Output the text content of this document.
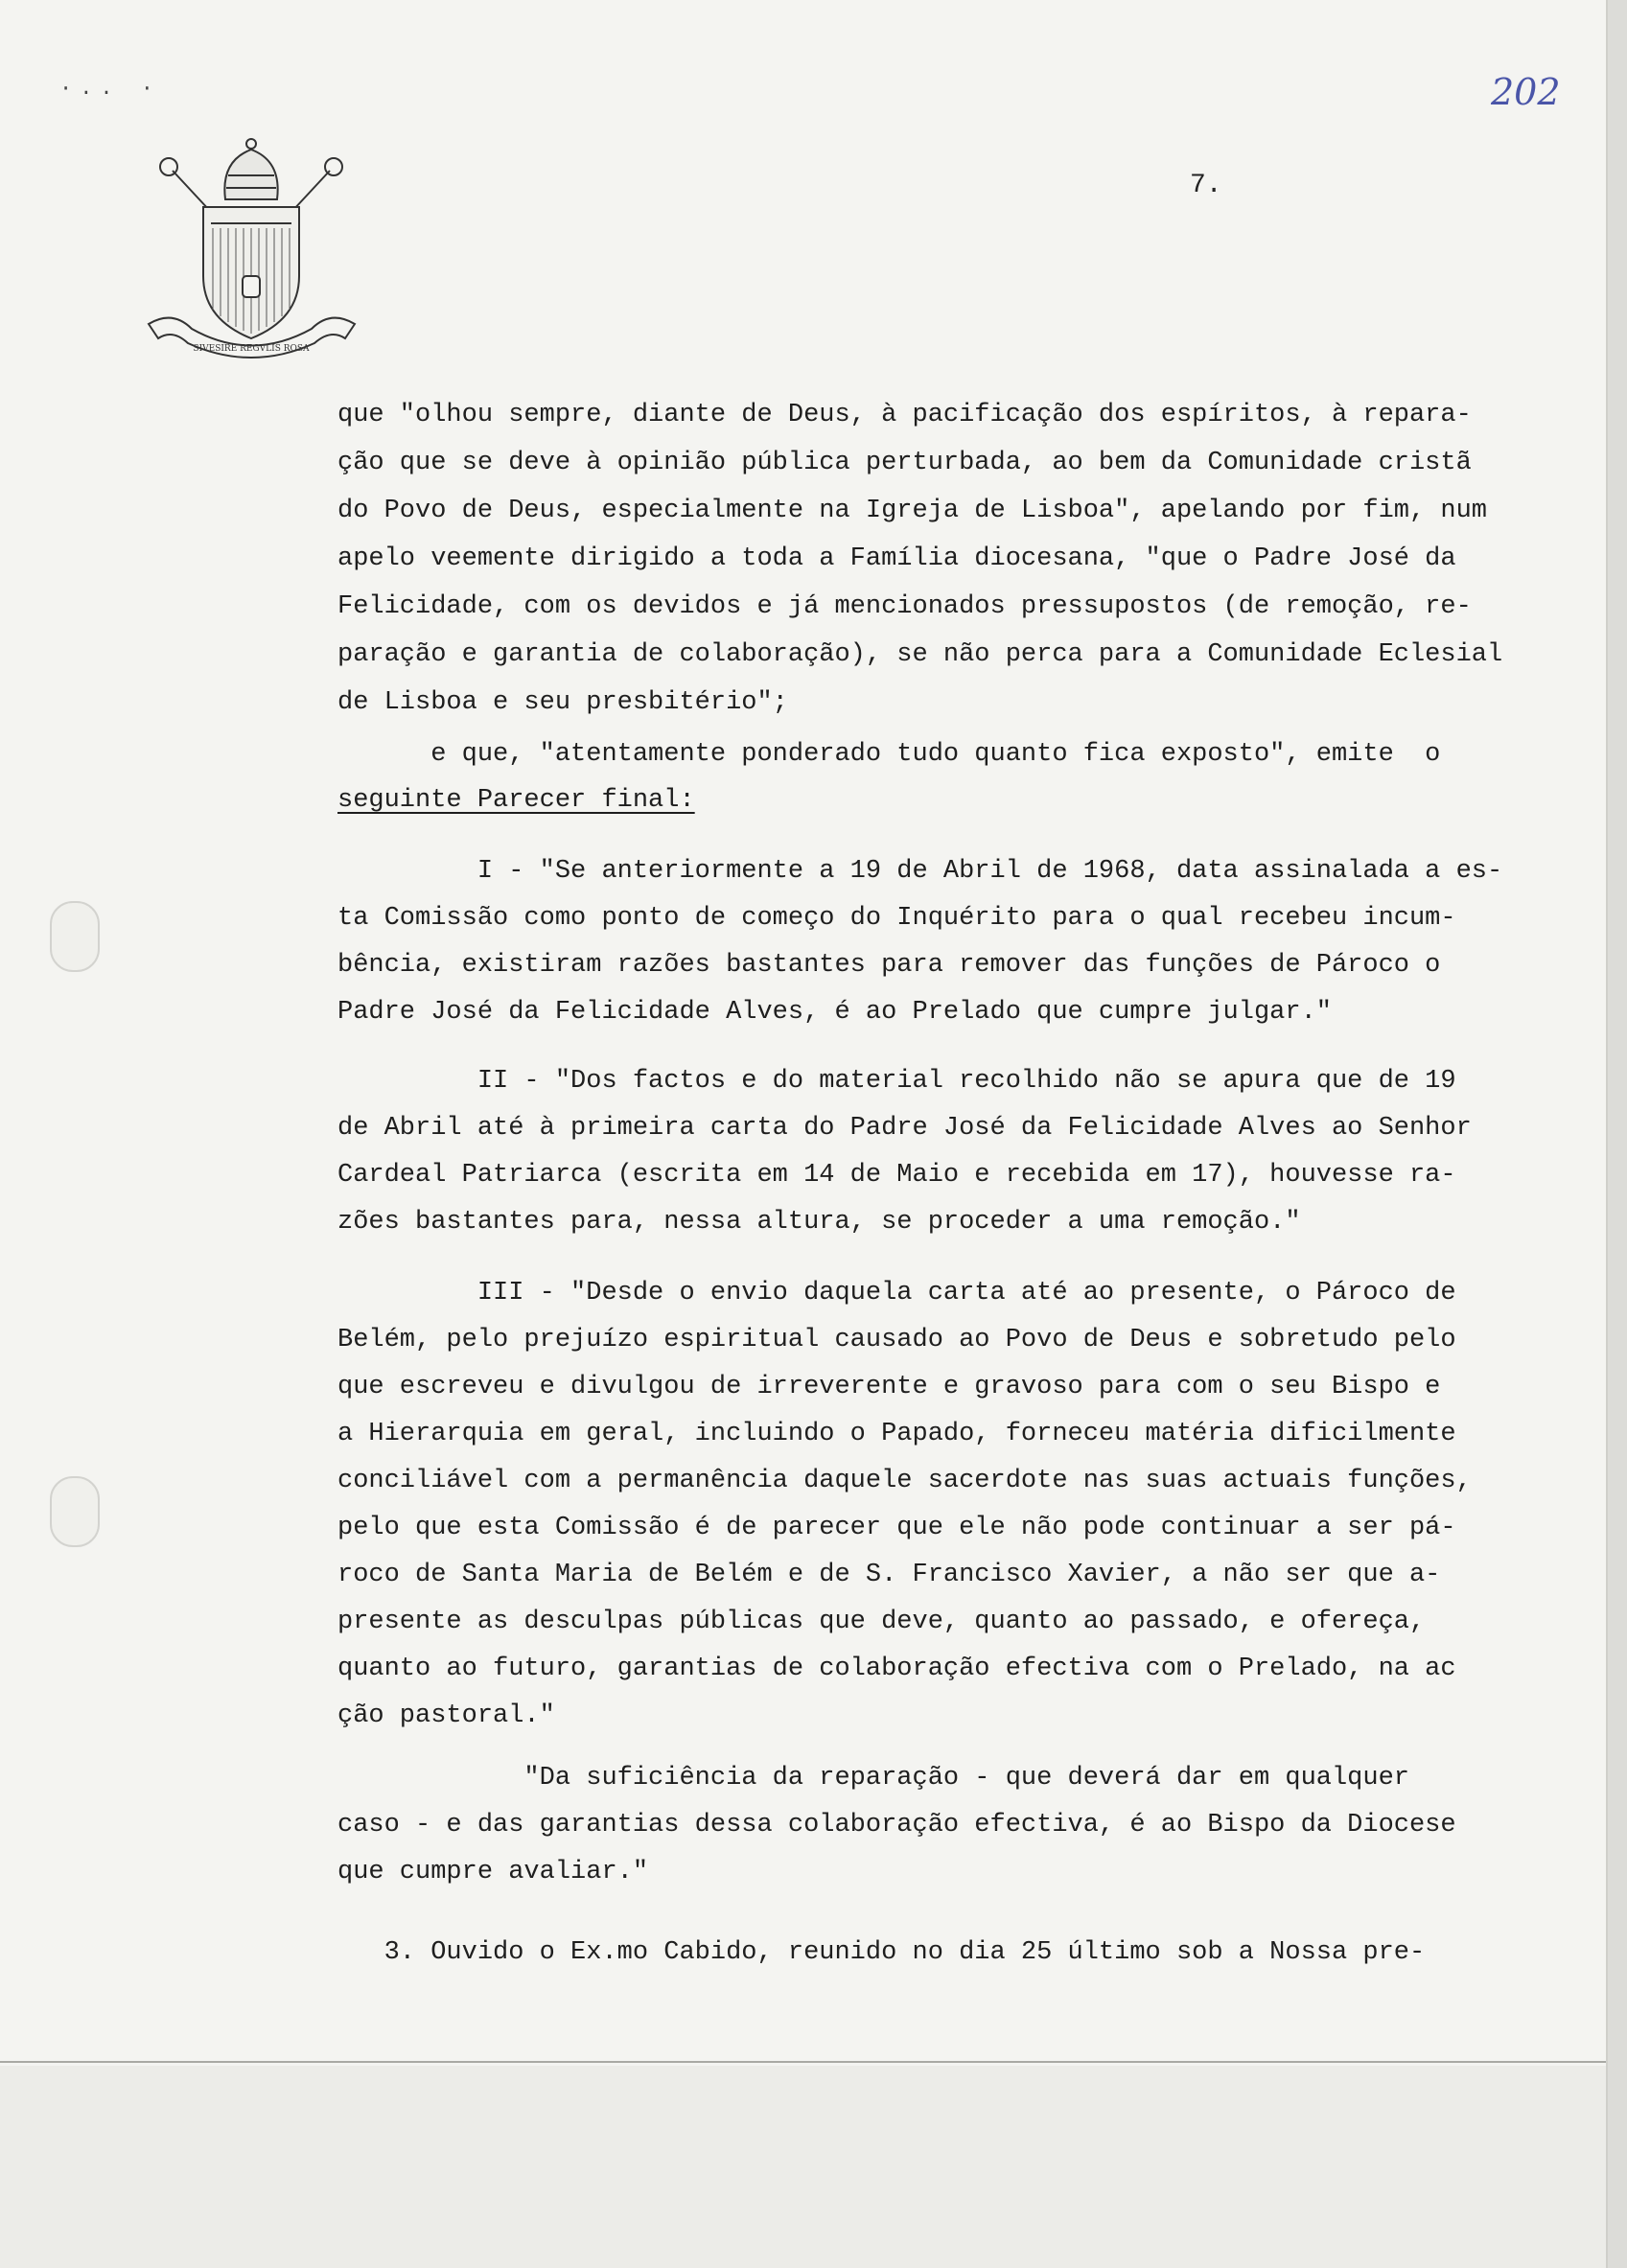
·.. ·	202
7.
SIVESIRE REGVLIS ROSA
que "olhou sempre, diante de Deus, à pacificação dos espíritos, à repara-
ção que se deve à opinião pública perturbada, ao bem da Comunidade cristã
do Povo de Deus, especialmente na Igreja de Lisboa", apelando por fim, num
apelo veemente dirigido a toda a Família diocesana, "que o Padre José da
Felicidade, com os devidos e já mencionados pressupostos (de remoção, re-
paração e garantia de colaboração), se não perca para a Comunidade Eclesial
de Lisboa e seu presbitério";
e que, "atentamente ponderado tudo quanto fica exposto", emite  o
seguinte Parecer final:
I - "Se anteriormente a 19 de Abril de 1968, data assinalada a es-
ta Comissão como ponto de começo do Inquérito para o qual recebeu incum-
bência, existiram razões bastantes para remover das funções de Pároco o
Padre José da Felicidade Alves, é ao Prelado que cumpre julgar."
II - "Dos factos e do material recolhido não se apura que de 19
de Abril até à primeira carta do Padre José da Felicidade Alves ao Senhor
Cardeal Patriarca (escrita em 14 de Maio e recebida em 17), houvesse ra-
zões bastantes para, nessa altura, se proceder a uma remoção."
III - "Desde o envio daquela carta até ao presente, o Pároco de
Belém, pelo prejuízo espiritual causado ao Povo de Deus e sobretudo pelo
que escreveu e divulgou de irreverente e gravoso para com o seu Bispo e
a Hierarquia em geral, incluindo o Papado, forneceu matéria dificilmente
conciliável com a permanência daquele sacerdote nas suas actuais funções,
pelo que esta Comissão é de parecer que ele não pode continuar a ser pá-
roco de Santa Maria de Belém e de S. Francisco Xavier, a não ser que a-
presente as desculpas públicas que deve, quanto ao passado, e ofereça,
quanto ao futuro, garantias de colaboração efectiva com o Prelado, na ac
ção pastoral."
"Da suficiência da reparação - que deverá dar em qualquer
caso - e das garantias dessa colaboração efectiva, é ao Bispo da Diocese
que cumpre avaliar."
3. Ouvido o Ex.mo Cabido, reunido no dia 25 último sob a Nossa pre-
